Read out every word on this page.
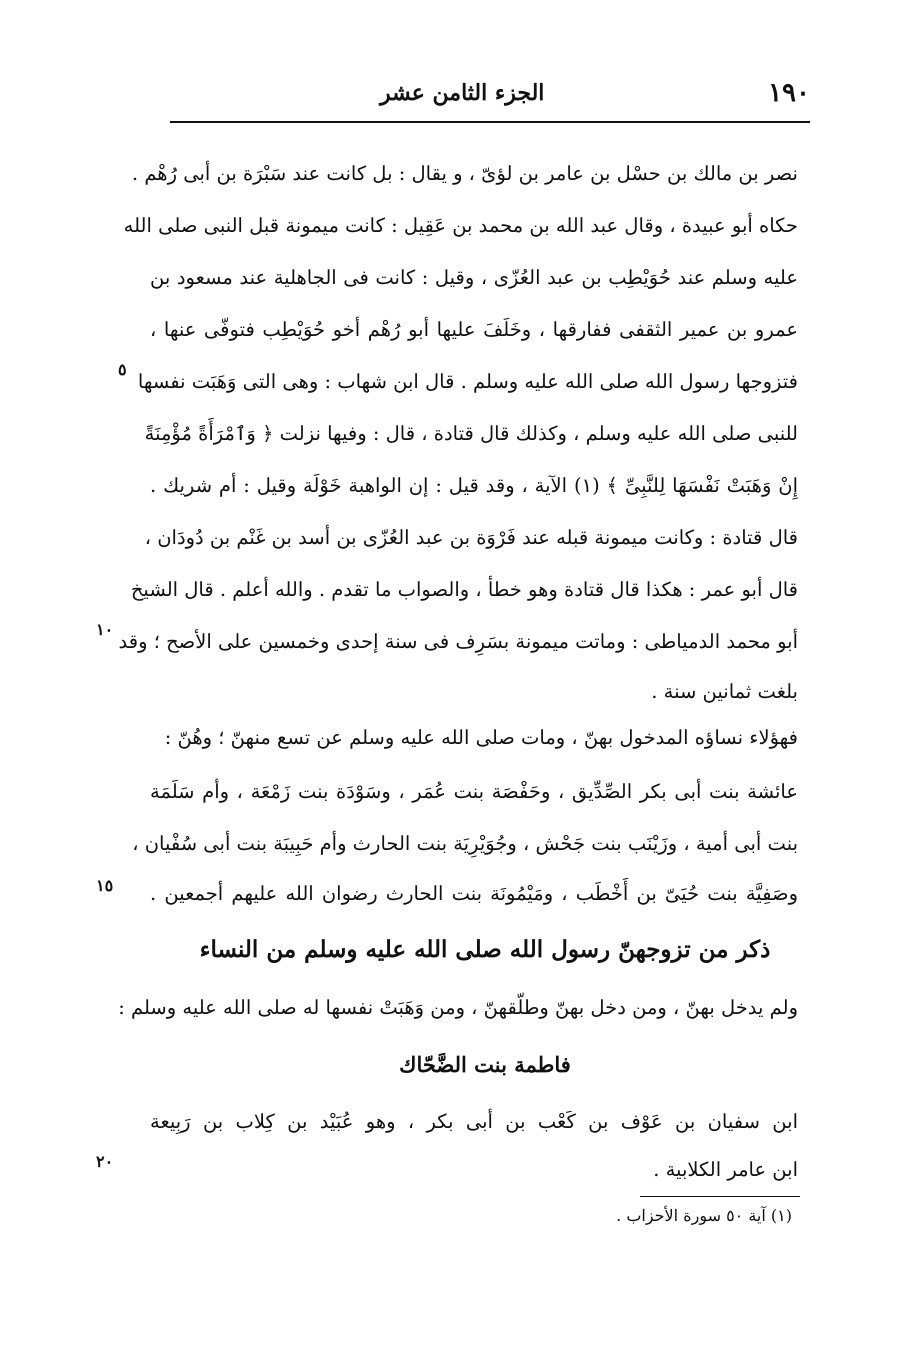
١٩٠
الجزء الثامن عشر
نصر بن مالك بن حسْل بن عامر بن لؤىّ ، و يقال : بل كانت عند سَبْرَة بن أبى رُهْم .
حكاه أبو عبيدة ، وقال عبد الله بن محمد بن عَقِيل : كانت ميمونة قبل النبى صلى الله
عليه وسلم عند حُوَيْطِب بن عبد العُزّى ، وقيل : كانت فى الجاهلية عند مسعود بن
عمرو بن عمير الثقفى ففارقها ، وخَلَفَ عليها أبو رُهْم أخو حُوَيْطِب فتوفّى عنها ،
فتزوجها رسول الله صلى الله عليه وسلم . قال ابن شهاب : وهى التى وَهَبَت نفسها
للنبى صلى الله عليه وسلم ، وكذلك قال قتادة ، قال : وفيها نزلت ﴿ وَٱمْرَأَةً مُؤْمِنَةً
إِنْ وَهَبَتْ نَفْسَهَا لِلنَّبِىِّ ﴾ (١) الآية ، وقد قيل : إن الواهبة خَوْلَة وقيل : أم شريك .
قال قتادة : وكانت ميمونة قبله عند فَرْوَة بن عبد العُزّى بن أسد بن غَنْم بن دُودَان ،
قال أبو عمر : هكذا قال قتادة وهو خطأ ، والصواب ما تقدم . والله أعلم . قال الشيخ
أبو محمد الدمياطى : وماتت ميمونة بسَرِف فى سنة إحدى وخمسين على الأصح ؛ وقد
بلغت ثمانين سنة .
فهؤلاء نساؤه المدخول بهنّ ، ومات صلى الله عليه وسلم عن تسع منهنّ ؛ وهُنّ :
عائشة بنت أبى بكر الصِّدِّيق ، وحَفْصَة بنت عُمَر ، وسَوْدَة بنت زَمْعَة ، وأم سَلَمَة
بنت أبى أمية ، وزَيْنَب بنت جَحْش ، وجُوَيْرِيَة بنت الحارث وأم حَبِيبَة بنت أبى سُفْيان ،
وصَفِيَّة بنت حُيَىّ بن أَخْطَب ، ومَيْمُونَة بنت الحارث رضوان الله عليهم أجمعين .
ذكر من تزوجهنّ رسول الله صلى الله عليه وسلم من النساء
ولم يدخل بهنّ ، ومن دخل بهنّ وطلّقهنّ ، ومن وَهَبَتْ نفسها له صلى الله عليه وسلم :
فاطمة بنت الضَّحّاك
ابن سفيان بن عَوْف بن كَعْب بن أبى بكر ، وهو عُبَيْد بن كِلاب بن رَبِيعة
ابن عامر الكلابية .
٥
١٠
١٥
٢٠
(١) آية ٥٠ سورة الأحزاب .
